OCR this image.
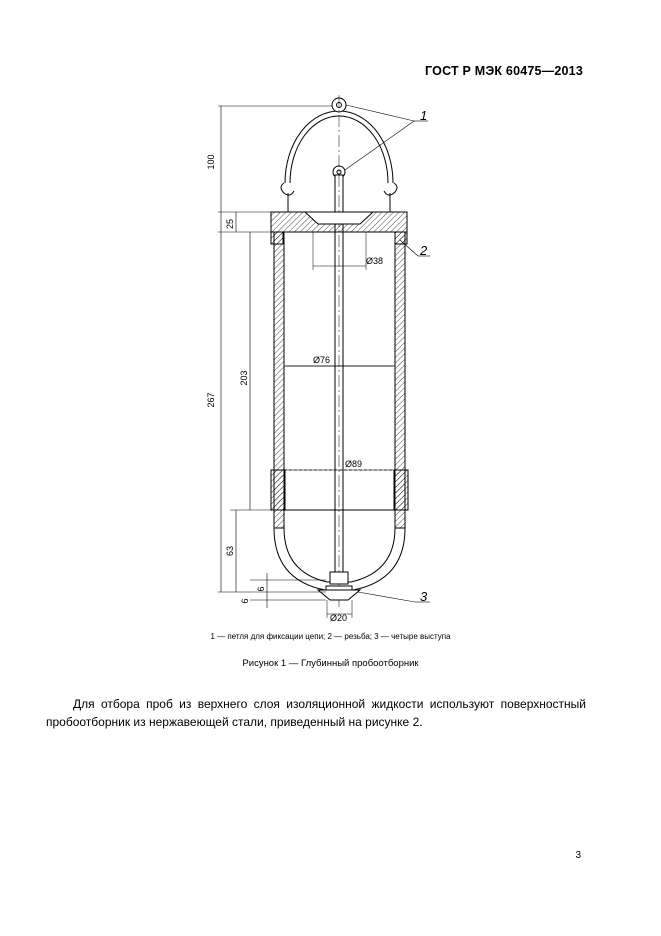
ГОСТ Р МЭК 60475—2013
1
2
3
100
25
267
203
63
6
6
Ø38
Ø76
Ø89
Ø20
1 — петля для фиксации цепи; 2 — резьба; 3 — четыре выступа
Рисунок 1 — Глубинный пробоотборник
Для отбора проб из верхнего слоя изоляционной жидкости используют поверхностный пробоотборник из нержавеющей стали, приведенный на рисунке 2.
3
